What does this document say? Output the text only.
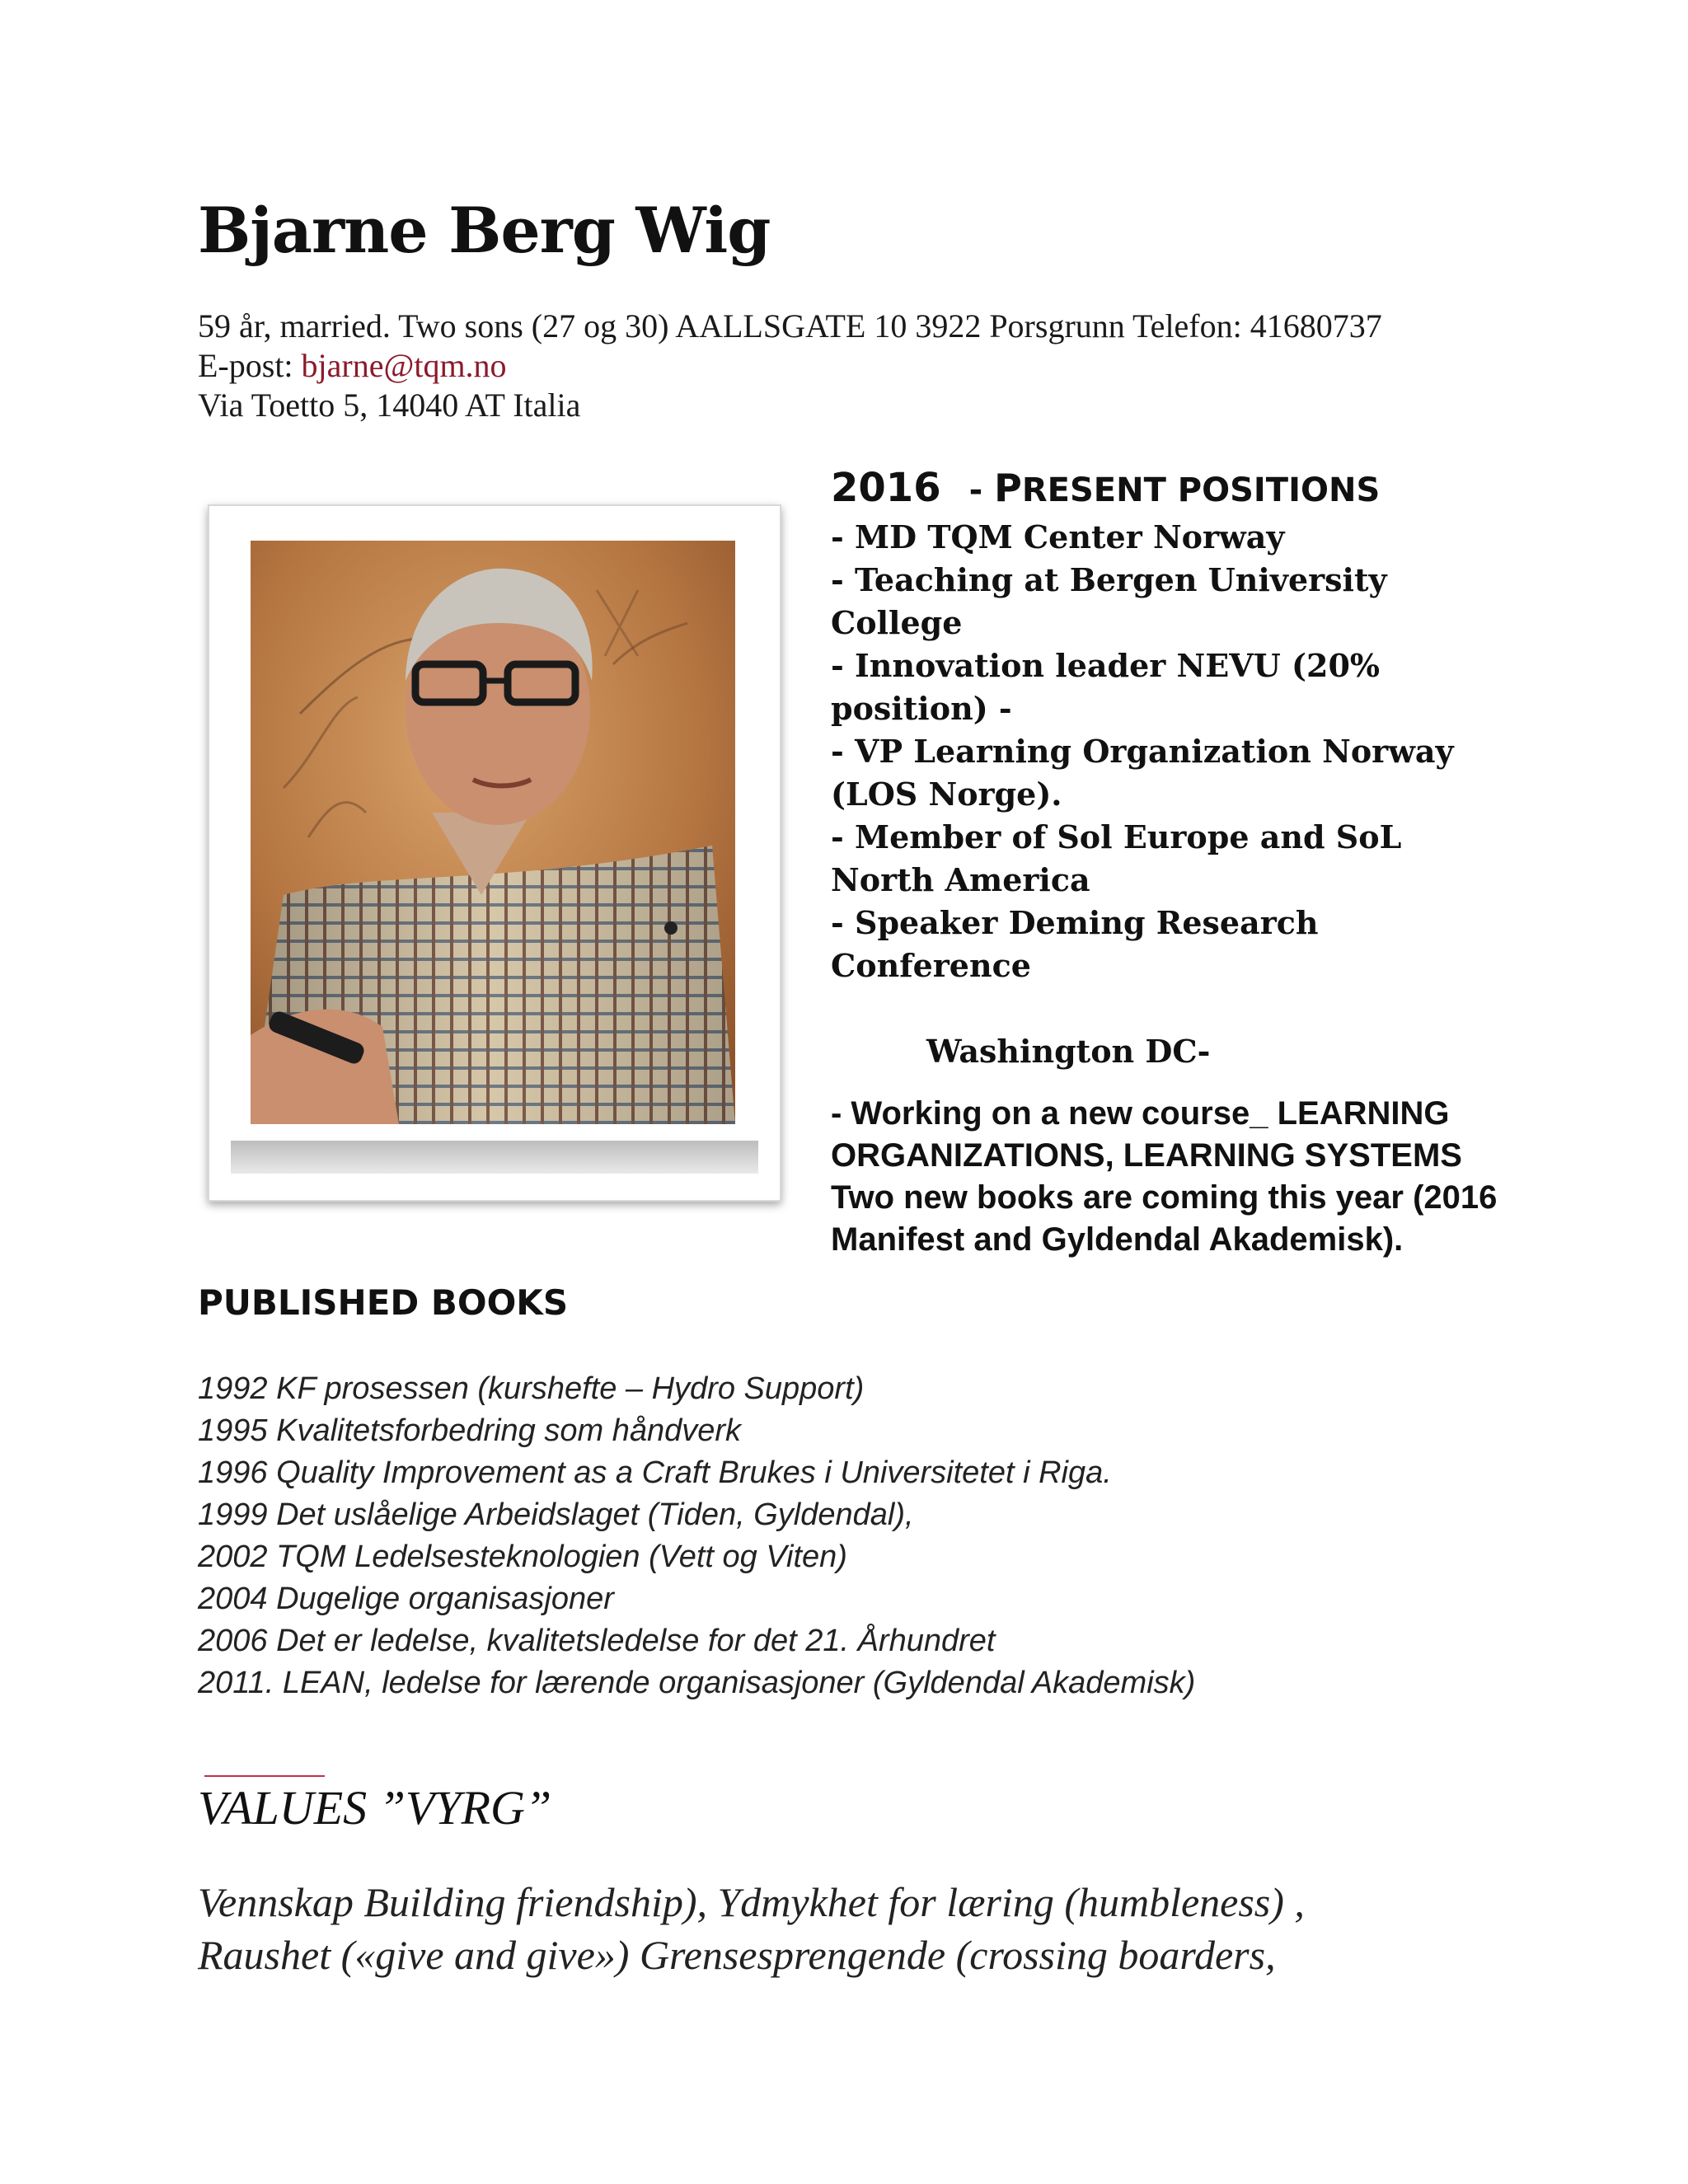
Bjarne Berg Wig
59 år, married. Two sons (27 og 30) AALLSGATE 10 3922 Porsgrunn Telefon: 41680737
E-post: bjarne@tqm.no
Via Toetto 5, 14040 AT Italia
2016 - PRESENT POSITIONS
- MD TQM Center Norway
- Teaching at Bergen University College
- Innovation leader NEVU (20% position) -
- VP Learning Organization Norway (LOS Norge).
- Member of Sol Europe and SoL North America
- Speaker Deming Research Conference
Washington DC-
- Working on a new course_ LEARNING ORGANIZATIONS, LEARNING SYSTEMS Two new books are coming this year (2016 Manifest and Gyldendal Akademisk).
PUBLISHED BOOKS
1992 KF prosessen (kurshefte – Hydro Support)
1995 Kvalitetsforbedring som håndverk
1996 Quality Improvement as a Craft Brukes i Universitetet i Riga.
1999 Det uslåelige Arbeidslaget (Tiden, Gyldendal),
2002 TQM Ledelsesteknologien (Vett og Viten)
2004 Dugelige organisasjoner
2006 Det er ledelse, kvalitetsledelse for det 21. Århundret
2011. LEAN, ledelse for lærende organisasjoner (Gyldendal Akademisk)
VALUES ”VYRG”
Vennskap Building friendship), Ydmykhet for læring (humbleness) ,
Raushet («give and give») Grensesprengende (crossing boarders,
